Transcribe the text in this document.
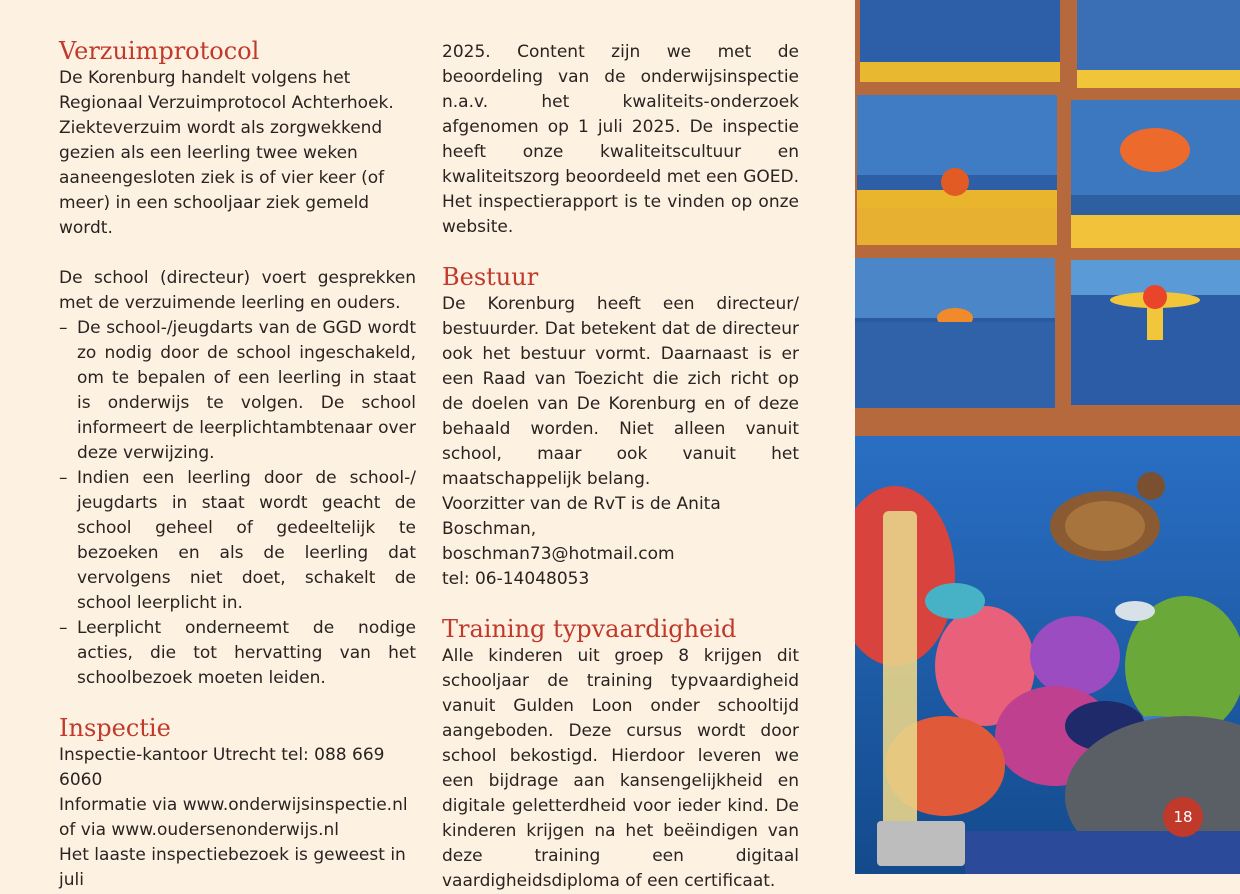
Verzuimprotocol

De Korenburg handelt volgens het Regionaal Verzuimprotocol Achterhoek.

Ziekteverzuim wordt als zorgwekkend gezien als een leerling twee weken aaneengesloten ziek is of vier keer (of meer) in een schooljaar ziek gemeld wordt.

De school (directeur) voert gesprekken met de verzuimende leerling en ouders.

– De school-/jeugdarts van de GGD wordt zo nodig door de school ingeschakeld, om te bepalen of een leerling in staat is onderwijs te volgen. De school informeert de leerplichtambtenaar over deze verwijzing.
– Indien een leerling door de school-/ jeugdarts in staat wordt geacht de school geheel of gedeeltelijk te bezoeken en als de leerling dat vervolgens niet doet, schakelt de school leerplicht in.
– Leerplicht onderneemt de nodige acties, die tot hervatting van het schoolbezoek moeten leiden.
Inspectie

Inspectie-kantoor Utrecht tel: 088 669 6060

Informatie via www.onderwijsinspectie.nl

of via www.oudersenonderwijs.nl

Het laaste inspectiebezoek is geweest in juli

2025. Content zijn we met de beoordeling van de onderwijsinspectie n.a.v. het kwaliteits-onderzoek afgenomen op 1 juli 2025. De inspectie heeft onze kwaliteitscultuur en kwaliteitszorg beoordeeld met een GOED. Het inspectierapport is te vinden op onze website.

Bestuur

De Korenburg heeft een directeur/ bestuurder. Dat betekent dat de directeur ook het bestuur vormt. Daarnaast is er een Raad van Toezicht die zich richt op de doelen van De Korenburg en of deze behaald worden. Niet alleen vanuit school, maar ook vanuit het maatschappelijk belang.

Voorzitter van de RvT is de Anita Boschman,

boschman73@hotmail.com

tel: 06-14048053

Training typvaardigheid

Alle kinderen uit groep 8 krijgen dit schooljaar de training typvaardigheid vanuit Gulden Loon onder schooltijd aangeboden. Deze cursus wordt door school bekostigd. Hierdoor leveren we een bijdrage aan kansengelijkheid en digitale geletterdheid voor ieder kind. De kinderen krijgen na het beëindigen van deze training een digitaal vaardigheidsdiploma of een certificaat.

18
